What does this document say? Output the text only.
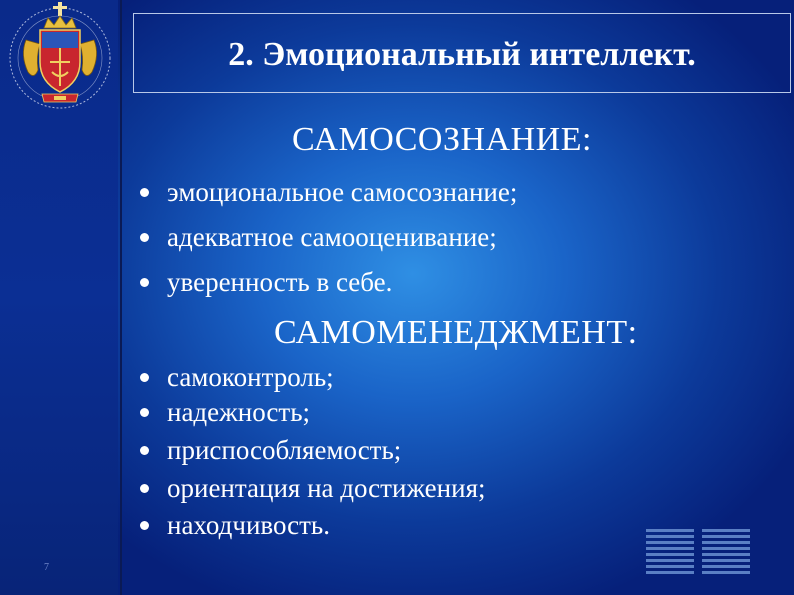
7
2. Эмоциональный интеллект.
САМОСОЗНАНИЕ:
эмоциональное самосознание;
адекватное самооценивание;
уверенность в себе.
САМОМЕНЕДЖМЕНТ:
самоконтроль;
надежность;
приспособляемость;
ориентация на достижения;
находчивость.
